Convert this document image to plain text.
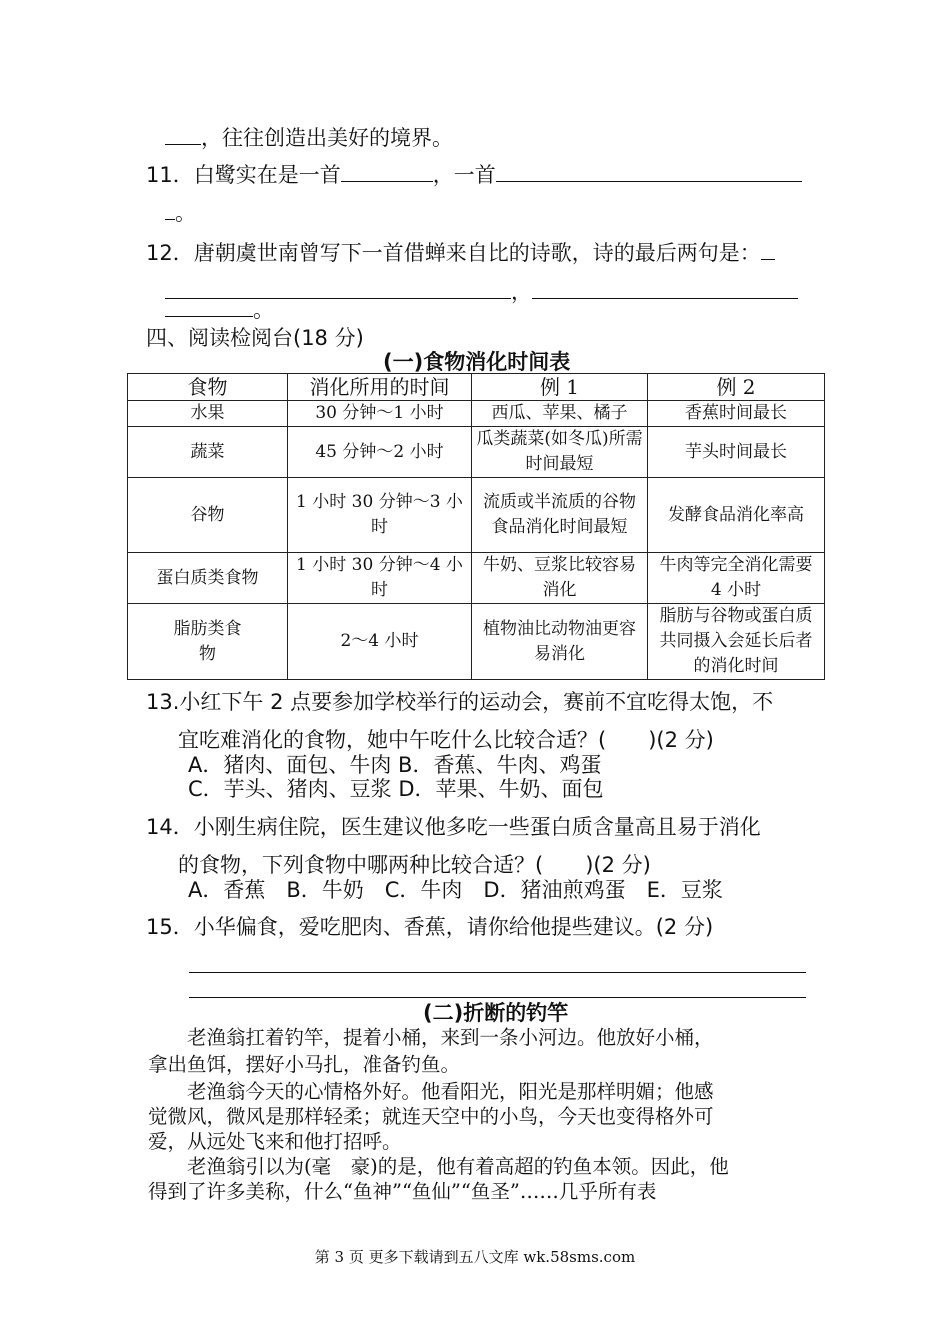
，往往创造出美好的境界。
11．白鹭实在是一首	，一首
。
12．唐朝虞世南曾写下一首借蝉来自比的诗歌，诗的最后两句是：
，
。
四、阅读检阅台(18 分)
(一)食物消化时间表
食物	消化所用的时间	例 1	例 2
水果	30 分钟～1 小时	西瓜、苹果、橘子	香蕉时间最长
蔬菜	45 分钟～2 小时	瓜类蔬菜(如冬瓜)所需时间最短	芋头时间最长
谷物	1 小时 30 分钟～3 小时	流质或半流质的谷物食品消化时间最短	发酵食品消化率高
蛋白质类食物	1 小时 30 分钟～4 小时	牛奶、豆浆比较容易消化	牛肉等完全消化需要 4 小时
脂肪类食物	2～4 小时	植物油比动物油更容易消化	脂肪与谷物或蛋白质共同摄入会延长后者的消化时间
13.小红下午 2 点要参加学校举行的运动会，赛前不宜吃得太饱，不
宜吃难消化的食物，她中午吃什么比较合适？(　　)(2 分)
A．猪肉、面包、牛肉 B．香蕉、牛肉、鸡蛋
C．芋头、猪肉、豆浆 D．苹果、牛奶、面包
14．小刚生病住院，医生建议他多吃一些蛋白质含量高且易于消化
的食物，下列食物中哪两种比较合适？(　　)(2 分)
A．香蕉　B．牛奶　C．牛肉　D．猪油煎鸡蛋　E．豆浆
15．小华偏食，爱吃肥肉、香蕉，请你给他提些建议。(2 分)
(二)折断的钓竿
　　老渔翁扛着钓竿，提着小桶，来到一条小河边。他放好小桶，
拿出鱼饵，摆好小马扎，准备钓鱼。
　　老渔翁今天的心情格外好。他看阳光，阳光是那样明媚；他感
觉微风，微风是那样轻柔；就连天空中的小鸟，今天也变得格外可
爱，从远处飞来和他打招呼。
　　老渔翁引以为(毫　豪)的是，他有着高超的钓鱼本领。因此，他
得到了许多美称，什么“鱼神”“鱼仙”“鱼圣”……几乎所有表
第 3 页 更多下载请到五八文库 wk.58sms.com
